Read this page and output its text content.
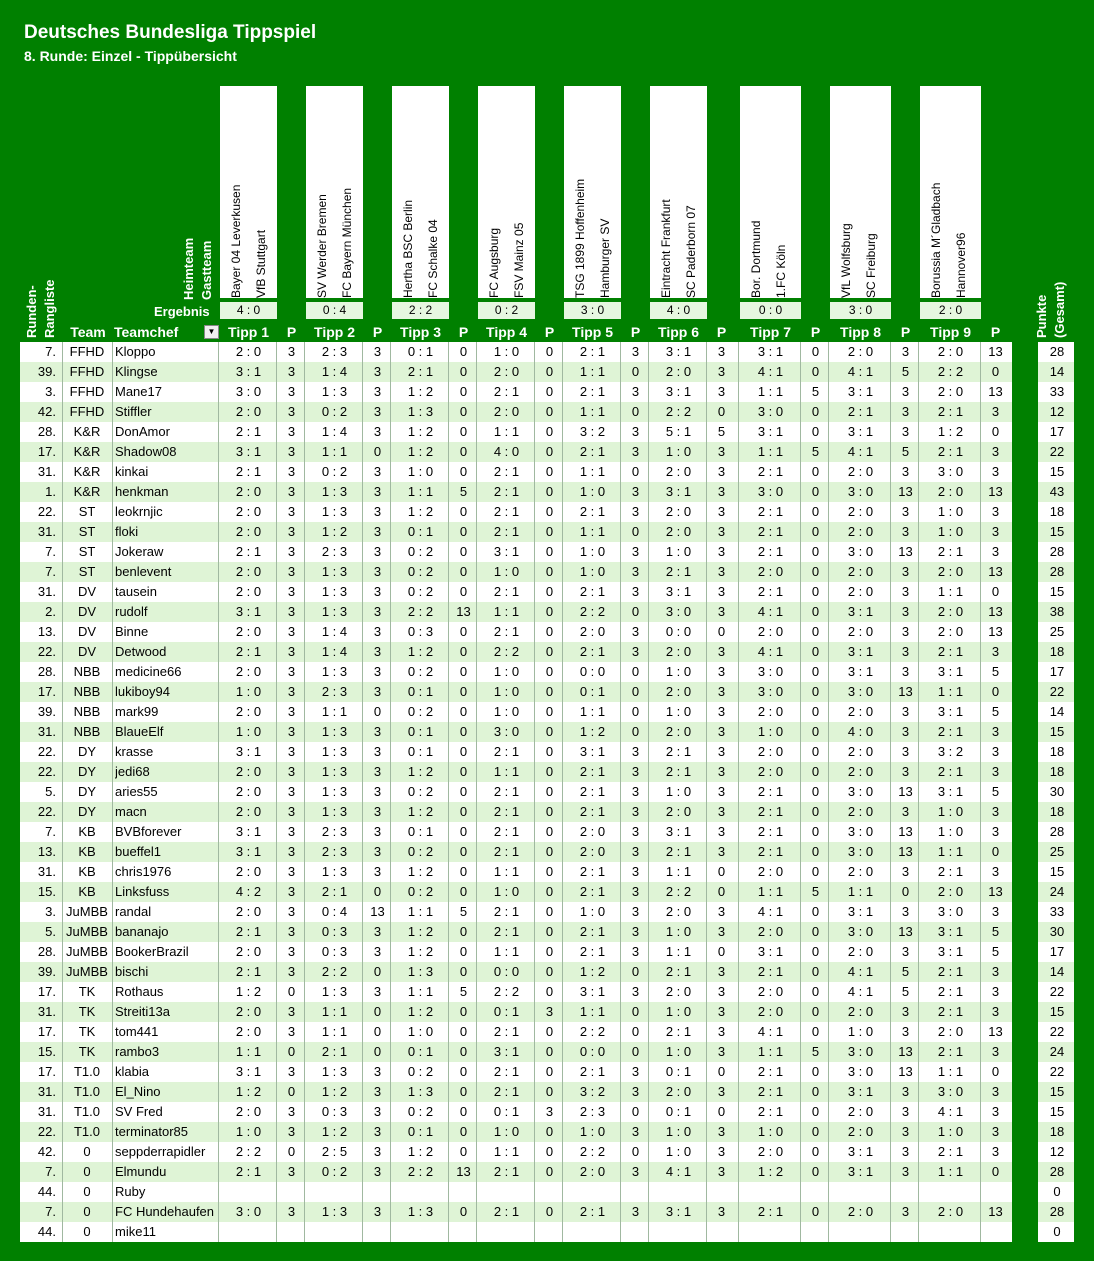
Deutsches Bundesliga Tippspiel
8. Runde: Einzel - Tippübersicht
Heimteam Gastteam
Ergebnis
Runden- Rangliste	Punkte (Gesamt)
Team Teamchef	▼
Bayer 04 Leverkusen VfB Stuttgart
4 : 0
Tipp 1	P
SV Werder Bremen FC Bayern München
0 : 4
Tipp 2	P
Hertha BSC Berlin FC Schalke 04
2 : 2
Tipp 3	P
FC Augsburg FSV Mainz 05
0 : 2
Tipp 4	P
TSG 1899 Hoffenheim Hamburger SV
3 : 0
Tipp 5	P
Eintracht Frankfurt SC Paderborn 07
4 : 0
Tipp 6	P
Bor. Dortmund 1.FC Köln
0 : 0
Tipp 7	P
VfL Wolfsburg SC Freiburg
3 : 0
Tipp 8	P
Borussia M´Gladbach Hannover96
2 : 0
Tipp 9	P
7.	FFHD Kloppo	2 : 0	3	2 : 3	3	0 : 1	0	1 : 0	0	2 : 1	3	3 : 1	3	3 : 1	0	2 : 0	3	2 : 0	13	28
39.	FFHD Klingse	3 : 1	3	1 : 4	3	2 : 1	0	2 : 0	0	1 : 1	0	2 : 0	3	4 : 1	0	4 : 1	5	2 : 2	0	14
3.	FFHD Mane17	3 : 0	3	1 : 3	3	1 : 2	0	2 : 1	0	2 : 1	3	3 : 1	3	1 : 1	5	3 : 1	3	2 : 0	13	33
42.	FFHD Stiffler	2 : 0	3	0 : 2	3	1 : 3	0	2 : 0	0	1 : 1	0	2 : 2	0	3 : 0	0	2 : 1	3	2 : 1	3	12
28.	K&R	DonAmor	2 : 1	3	1 : 4	3	1 : 2	0	1 : 1	0	3 : 2	3	5 : 1	5	3 : 1	0	3 : 1	3	1 : 2	0	17
17.	K&R	Shadow08	3 : 1	3	1 : 1	0	1 : 2	0	4 : 0	0	2 : 1	3	1 : 0	3	1 : 1	5	4 : 1	5	2 : 1	3	22
31.	K&R	kinkai	2 : 1	3	0 : 2	3	1 : 0	0	2 : 1	0	1 : 1	0	2 : 0	3	2 : 1	0	2 : 0	3	3 : 0	3	15
1.	K&R	henkman	2 : 0	3	1 : 3	3	1 : 1	5	2 : 1	0	1 : 0	3	3 : 1	3	3 : 0	0	3 : 0	13	2 : 0	13	43
22.	ST	leokrnjic	2 : 0	3	1 : 3	3	1 : 2	0	2 : 1	0	2 : 1	3	2 : 0	3	2 : 1	0	2 : 0	3	1 : 0	3	18
31.	ST	floki	2 : 0	3	1 : 2	3	0 : 1	0	2 : 1	0	1 : 1	0	2 : 0	3	2 : 1	0	2 : 0	3	1 : 0	3	15
7.	ST	Jokeraw	2 : 1	3	2 : 3	3	0 : 2	0	3 : 1	0	1 : 0	3	1 : 0	3	2 : 1	0	3 : 0	13	2 : 1	3	28
7.	ST	benlevent	2 : 0	3	1 : 3	3	0 : 2	0	1 : 0	0	1 : 0	3	2 : 1	3	2 : 0	0	2 : 0	3	2 : 0	13	28
31.	DV	tausein	2 : 0	3	1 : 3	3	0 : 2	0	2 : 1	0	2 : 1	3	3 : 1	3	2 : 1	0	2 : 0	3	1 : 1	0	15
2.	DV	rudolf	3 : 1	3	1 : 3	3	2 : 2	13	1 : 1	0	2 : 2	0	3 : 0	3	4 : 1	0	3 : 1	3	2 : 0	13	38
13.	DV	Binne	2 : 0	3	1 : 4	3	0 : 3	0	2 : 1	0	2 : 0	3	0 : 0	0	2 : 0	0	2 : 0	3	2 : 0	13	25
22.	DV	Detwood	2 : 1	3	1 : 4	3	1 : 2	0	2 : 2	0	2 : 1	3	2 : 0	3	4 : 1	0	3 : 1	3	2 : 1	3	18
28.	NBB	medicine66	2 : 0	3	1 : 3	3	0 : 2	0	1 : 0	0	0 : 0	0	1 : 0	3	3 : 0	0	3 : 1	3	3 : 1	5	17
17.	NBB	lukiboy94	1 : 0	3	2 : 3	3	0 : 1	0	1 : 0	0	0 : 1	0	2 : 0	3	3 : 0	0	3 : 0	13	1 : 1	0	22
39.	NBB	mark99	2 : 0	3	1 : 1	0	0 : 2	0	1 : 0	0	1 : 1	0	1 : 0	3	2 : 0	0	2 : 0	3	3 : 1	5	14
31.	NBB	BlaueElf	1 : 0	3	1 : 3	3	0 : 1	0	3 : 0	0	1 : 2	0	2 : 0	3	1 : 0	0	4 : 0	3	2 : 1	3	15
22.	DY	krasse	3 : 1	3	1 : 3	3	0 : 1	0	2 : 1	0	3 : 1	3	2 : 1	3	2 : 0	0	2 : 0	3	3 : 2	3	18
22.	DY	jedi68	2 : 0	3	1 : 3	3	1 : 2	0	1 : 1	0	2 : 1	3	2 : 1	3	2 : 0	0	2 : 0	3	2 : 1	3	18
5.	DY	aries55	2 : 0	3	1 : 3	3	0 : 2	0	2 : 1	0	2 : 1	3	1 : 0	3	2 : 1	0	3 : 0	13	3 : 1	5	30
22.	DY	macn	2 : 0	3	1 : 3	3	1 : 2	0	2 : 1	0	2 : 1	3	2 : 0	3	2 : 1	0	2 : 0	3	1 : 0	3	18
7.	KB	BVBforever	3 : 1	3	2 : 3	3	0 : 1	0	2 : 1	0	2 : 0	3	3 : 1	3	2 : 1	0	3 : 0	13	1 : 0	3	28
13.	KB	bueffel1	3 : 1	3	2 : 3	3	0 : 2	0	2 : 1	0	2 : 0	3	2 : 1	3	2 : 1	0	3 : 0	13	1 : 1	0	25
31.	KB	chris1976	2 : 0	3	1 : 3	3	1 : 2	0	1 : 1	0	2 : 1	3	1 : 1	0	2 : 0	0	2 : 0	3	2 : 1	3	15
15.	KB	Linksfuss	4 : 2	3	2 : 1	0	0 : 2	0	1 : 0	0	2 : 1	3	2 : 2	0	1 : 1	5	1 : 1	0	2 : 0	13	24
3. JuMBB randal	2 : 0	3	0 : 4	13	1 : 1	5	2 : 1	0	1 : 0	3	2 : 0	3	4 : 1	0	3 : 1	3	3 : 0	3	33
5. JuMBB bananajo	2 : 1	3	0 : 3	3	1 : 2	0	2 : 1	0	2 : 1	3	1 : 0	3	2 : 0	0	3 : 0	13	3 : 1	5	30
28. JuMBB BookerBrazil	2 : 0	3	0 : 3	3	1 : 2	0	1 : 1	0	2 : 1	3	1 : 1	0	3 : 1	0	2 : 0	3	3 : 1	5	17
39. JuMBB bischi	2 : 1	3	2 : 2	0	1 : 3	0	0 : 0	0	1 : 2	0	2 : 1	3	2 : 1	0	4 : 1	5	2 : 1	3	14
17.	TK	Rothaus	1 : 2	0	1 : 3	3	1 : 1	5	2 : 2	0	3 : 1	3	2 : 0	3	2 : 0	0	4 : 1	5	2 : 1	3	22
31.	TK	Streiti13a	2 : 0	3	1 : 1	0	1 : 2	0	0 : 1	3	1 : 1	0	1 : 0	3	2 : 0	0	2 : 0	3	2 : 1	3	15
17.	TK	tom441	2 : 0	3	1 : 1	0	1 : 0	0	2 : 1	0	2 : 2	0	2 : 1	3	4 : 1	0	1 : 0	3	2 : 0	13	22
15.	TK	rambo3	1 : 1	0	2 : 1	0	0 : 1	0	3 : 1	0	0 : 0	0	1 : 0	3	1 : 1	5	3 : 0	13	2 : 1	3	24
17.	T1.0	klabia	3 : 1	3	1 : 3	3	0 : 2	0	2 : 1	0	2 : 1	3	0 : 1	0	2 : 1	0	3 : 0	13	1 : 1	0	22
31.	T1.0	El_Nino	1 : 2	0	1 : 2	3	1 : 3	0	2 : 1	0	3 : 2	3	2 : 0	3	2 : 1	0	3 : 1	3	3 : 0	3	15
31.	T1.0	SV Fred	2 : 0	3	0 : 3	3	0 : 2	0	0 : 1	3	2 : 3	0	0 : 1	0	2 : 1	0	2 : 0	3	4 : 1	3	15
22.	T1.0	terminator85	1 : 0	3	1 : 2	3	0 : 1	0	1 : 0	0	1 : 0	3	1 : 0	3	1 : 0	0	2 : 0	3	1 : 0	3	18
42.	0	seppderrapidler	2 : 2	0	2 : 5	3	1 : 2	0	1 : 1	0	2 : 2	0	1 : 0	3	2 : 0	0	3 : 1	3	2 : 1	3	12
7.	0	Elmundu	2 : 1	3	0 : 2	3	2 : 2	13	2 : 1	0	2 : 0	3	4 : 1	3	1 : 2	0	3 : 1	3	1 : 1	0	28
44.	0	Ruby	0
7.	0	FC Hundehaufen	3 : 0	3	1 : 3	3	1 : 3	0	2 : 1	0	2 : 1	3	3 : 1	3	2 : 1	0	2 : 0	3	2 : 0	13	28
44.	0	mike11	0
